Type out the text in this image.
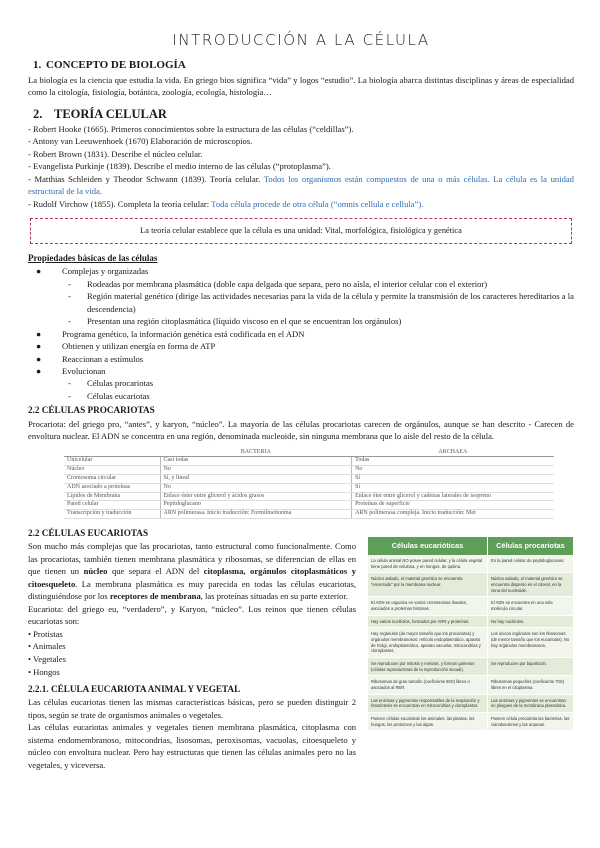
INTRODUCCIÓN A LA CÉLULA
1. CONCEPTO DE BIOLOGÍA
La biología es la ciencia que estudia la vida. En griego bios significa “vida” y logos “estudio”. La biología abarca distintas disciplinas y áreas de especialidad como la citología, fisiología, botánica, zoología, ecología, histología…
2. TEORÍA CELULAR
- Robert Hooke (1665). Primeros conocimientos sobre la estructura de las células (“celdillas”).
- Antony van Leeuwenhoek (1670) Elaboración de microscopios.
- Robert Brown (1831). Describe el núcleo celular.
- Evangelista Purkinje (1839). Describe el medio interno de las células (“protoplasma”).
- Matthias Schleiden y Theodor Schwann (1839). Teoría celular. Todos los organismos están compuestos de una o más células. La célula es la unidad estructural de la vida.
- Rudolf Virchow (1855). Completa la teoría celular: Toda célula procede de otra célula (“omnis cellula e cellula”).
La teoría celular establece que la célula es una unidad: Vital, morfológica, fisiológica y genética
Propiedades básicas de las células
●	Complejas y organizadas
-	Rodeadas por membrana plasmática (doble capa delgada que separa, pero no aísla, el interior celular con el exterior)
-	Región material genético (dirige las actividades necesarias para la vida de la célula y permite la transmisión de los caracteres hereditarios a la descendencia)
-	Presentan una región citoplasmática (líquido viscoso en el que se encuentran los orgánulos)
●	Programa genético, la información genética está codificada en el ADN
●	Obtienen y utilizan energía en forma de ATP
●	Reaccionan a estímulos
●	Evolucionan
-	Células procariotas
-	Células eucariotas
2.2 CÉLULAS PROCARIOTAS
Procariota: del griego pro, “antes”, y karyon, “núcleo”. La mayoría de las células procariotas carecen de orgánulos, aunque se han descrito - Carecen de envoltura nuclear. El ADN se concentra en una región, denominada nucleoide, sin ninguna membrana que lo aísle del resto de la célula.
	BACTERIA	ARCHAEA
Unicelular	Casi todas	Todas
Núcleo	No	No
Cromosoma circular	Sí, y lineal	Sí
ADN asociado a proteínas	No	Sí
Lípidos de Membrana	Enlace éster entre glicerol y ácidos grasos	Enlace éter entre glicerol y cadenas laterales de isopreno
Pared celular	Peptidoglucano	Proteínas de superficie
Transcripción y traducción	ARN polimerasa. Inicio traducción: Formilmetionina	ARN polimerasa compleja. Inicio traducción: Met
2.2 CÉLULAS EUCARIOTAS
Son mucho más complejas que las procariotas, tanto estructural como funcionalmente. Como las procariotas, también tienen membrana plasmática y ribosomas, se diferencian de ellas en que tienen un núcleo que separa el ADN del citoplasma, orgánulos citoplasmáticos y citoesqueleto. La membrana plasmática es muy parecida en todas las células eucariotas, distinguiéndose por los receptores de membrana, las proteínas situadas en su parte exterior.
Eucariota: del griego eu, “verdadero”, y Karyon, “núcleo”. Los reinos que tienen células eucariotas son:
• Protistas
• Animales
• Vegetales
• Hongos
2.2.1. CÉLULA EUCARIOTA ANIMAL Y VEGETAL
Las células eucariotas tienen las mismas características básicas, pero se pueden distinguir 2 tipos, según se trate de organismos animales o vegetales.
Las células eucariotas animales y vegetales tienen membrana plasmática, citoplasma con sistema endomembranoso, mitocondrias, lisosomas, peroxisomas, vacuolas, citoesqueleto y núcleo con envoltura nuclear. Pero hay estructuras que tienen las células animales pero no las vegetales, y viceversa.
Células eucarióticas	Células procariotas
La célula animal NO posee pared celular, y la célula vegetal tiene pared de celulosa, y en hongos, de quitina.	En la pared celular de peptidoglucanos.
Núcleo aislado, el material genético se encuentra “encerrado” por la membrana nuclear.	Núcleo aislado, el material genético se encuentra disperso en el citosol, en la zona del nucleoide.
El ADN se organiza en varios cromosomas lineales, asociados a proteínas histonas.	El ADN se encuentra en una sola molécula circular.
Hay varios nucléolos, formados por ARN y proteínas.	No hay nucléolos.
Hay orgánulos (de mayor tamaño que los procariotas) y orgánulos membranosos: retículo endoplasmático, aparato de Golgi, endoplasmático, aparato vacuolar, mitocondrias y cloroplastos.	Los únicos orgánulos son los ribosomas (de menor tamaño que los eucariotas). No hay orgánulos membranosos.
Se reproducen por mitosis y meiosis, y forman gametos (células reproductoras de la reproducción sexual).	Se reproducen por bipartición.
Ribosomas de gran tamaño (coeficiente 80S) libres o asociados al RER.	Ribosomas pequeños (coeficiente 70S) libres en el citoplasma.
Las enzimas y pigmentos responsables de la respiración y fotosíntesis se encuentran en mitocondrias y cloroplastos.	Las enzimas y pigmentos se encuentran en pliegues de la membrana plasmática.
Poseen células eucariotas los animales, las plantas, los hongos, los protozoos y las algas.	Poseen célula procariota las bacterias, las cianobacterias y las arqueas.
